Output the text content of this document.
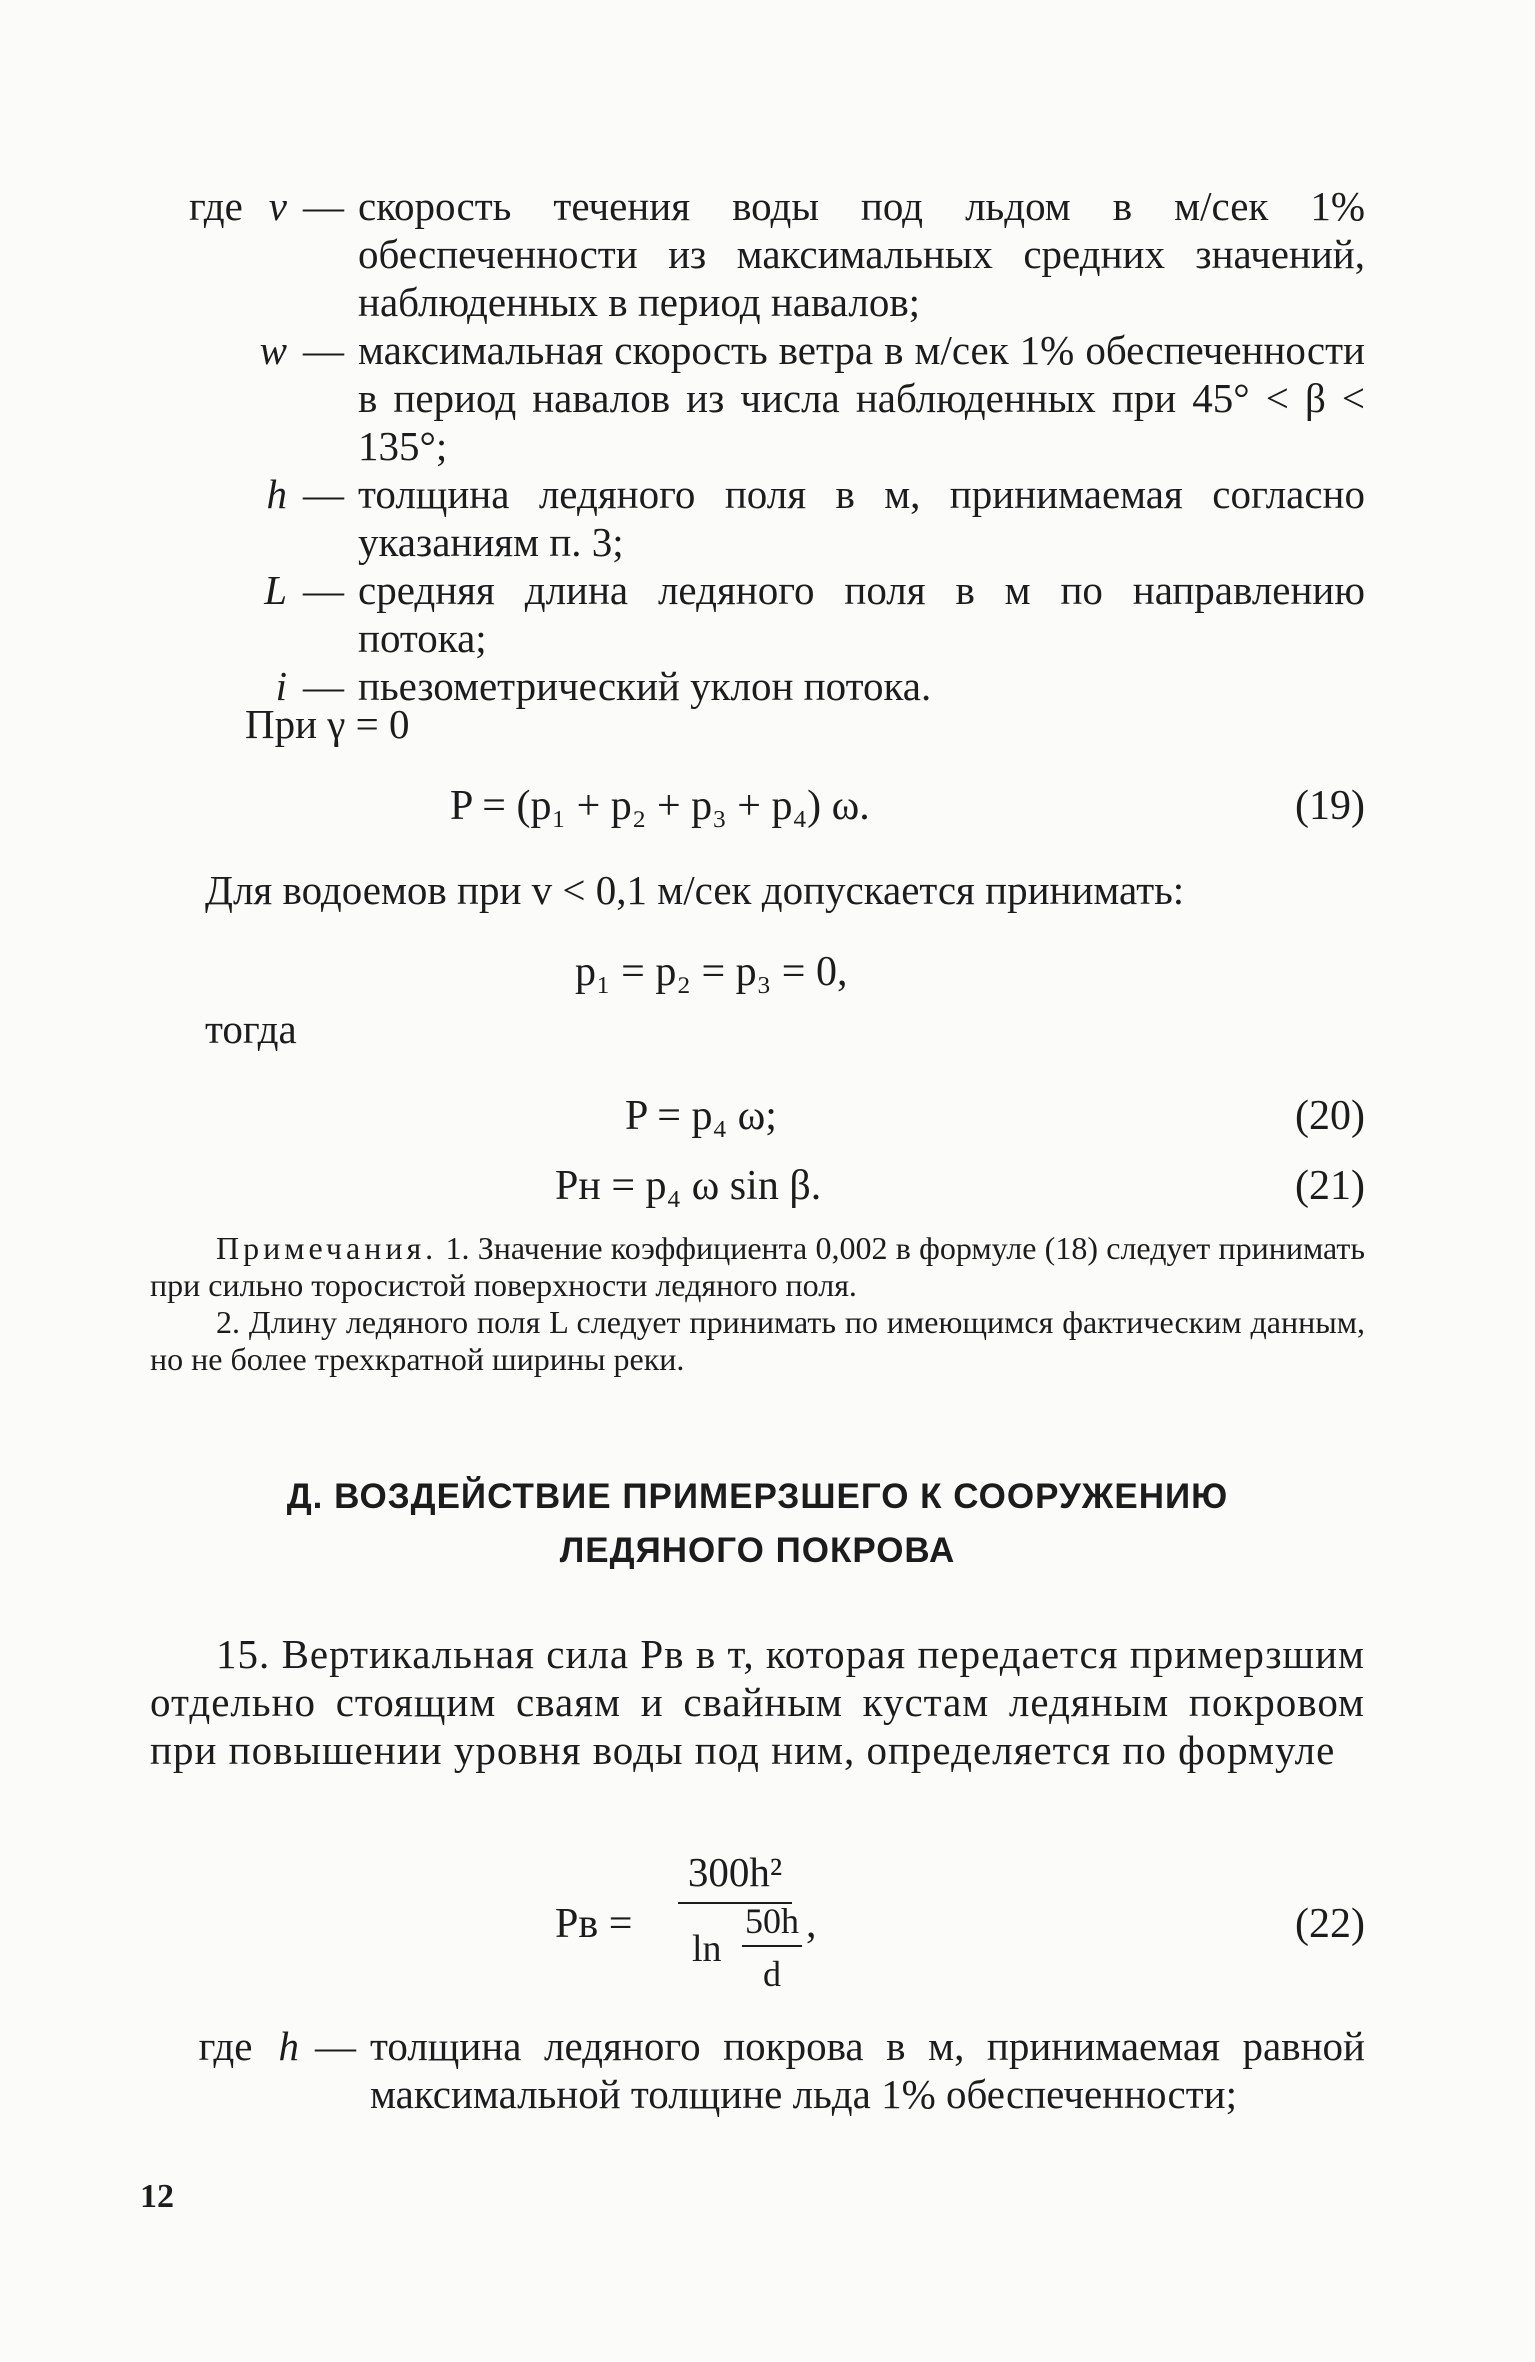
где v — скорость течения воды под льдом в м/сек 1% обеспеченности из максимальных средних значений, наблюденных в период навалов;
w — максимальная скорость ветра в м/сек 1% обеспеченности в период навалов из числа наблюденных при 45° < β < 135°;
h — толщина ледяного поля в м, принимаемая согласно указаниям п. 3;
L — средняя длина ледяного поля в м по направлению потока;
i — пьезометрический уклон потока.
При γ = 0
P = (p₁ + p₂ + p₃ + p₄) ω.	(19)
Для водоемов при v < 0,1 м/сек допускается принимать:
p₁ = p₂ = p₃ = 0,
тогда
P = p₄ ω;	(20)
Pн = p₄ ω sin β.	(21)

Примечания. 1. Значение коэффициента 0,002 в формуле (18) следует принимать при сильно торосистой поверхности ледяного поля.

2. Длину ледяного поля L следует принимать по имеющимся фактическим данным, но не более трехкратной ширины реки.

Д. ВОЗДЕЙСТВИЕ ПРИМЕРЗШЕГО К СООРУЖЕНИЮ
ЛЕДЯНОГО ПОКРОВА
15. Вертикальная сила Pв в т, которая передается примерзшим отдельно стоящим сваям и свайным кустам ледяным покровом при повышении уровня воды под ним, определяется по формуле
Pв =
300h²
ln
50h
d
,	(22)
где h — толщина ледяного покрова в м, принимаемая равной максимальной толщине льда 1% обеспеченности;
12
